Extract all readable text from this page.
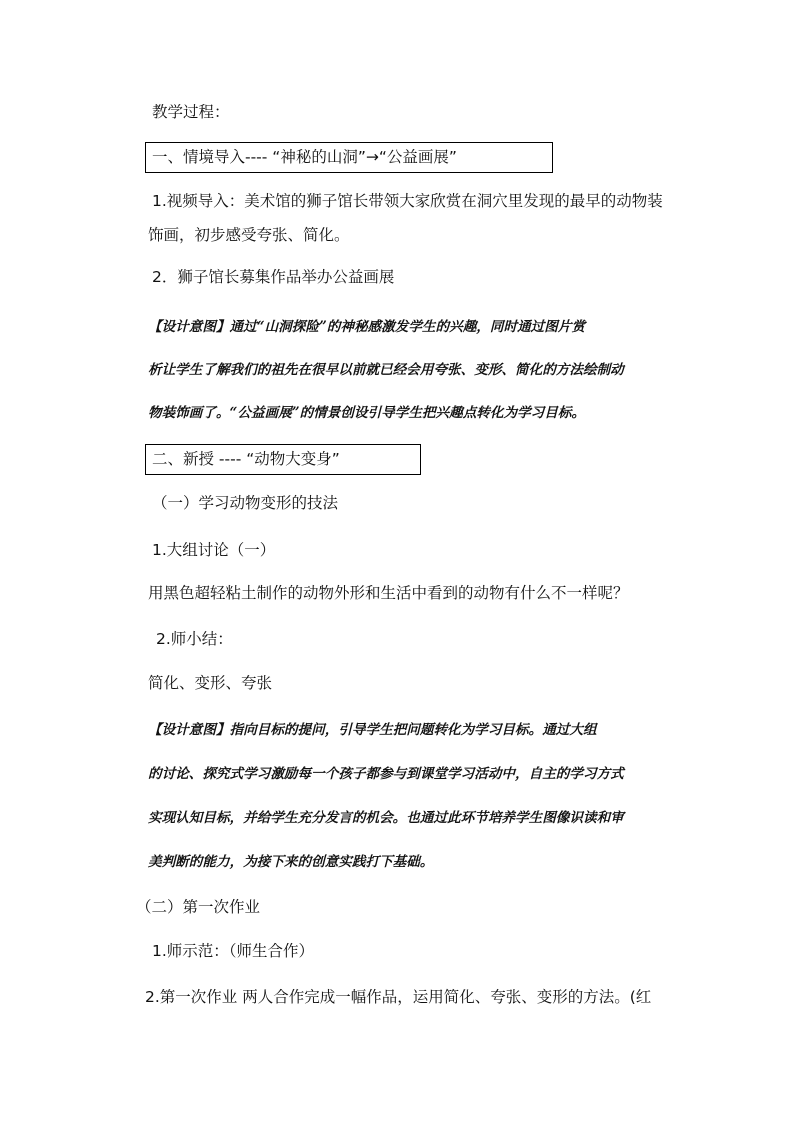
教学过程：
一、情境导入---- “神秘的山洞”→“公益画展”
1.视频导入：美术馆的狮子馆长带领大家欣赏在洞穴里发现的最早的动物装
饰画，初步感受夸张、简化。
2．狮子馆长募集作品举办公益画展
【设计意图】通过“山洞探险”的神秘感激发学生的兴趣，同时通过图片赏
析让学生了解我们的祖先在很早以前就已经会用夸张、变形、简化的方法绘制动
物装饰画了。“公益画展”的情景创设引导学生把兴趣点转化为学习目标。
二、新授 ---- “动物大变身”
（一）学习动物变形的技法
1.大组讨论（一）
用黑色超轻粘土制作的动物外形和生活中看到的动物有什么不一样呢？
2.师小结：
简化、变形、夸张
【设计意图】指向目标的提问，引导学生把问题转化为学习目标。通过大组
的讨论、探究式学习激励每一个孩子都参与到课堂学习活动中，自主的学习方式
实现认知目标，并给学生充分发言的机会。也通过此环节培养学生图像识读和审
美判断的能力，为接下来的创意实践打下基础。
（二）第一次作业
1.师示范：（师生合作）
2.第一次作业 两人合作完成一幅作品，运用简化、夸张、变形的方法。(红
